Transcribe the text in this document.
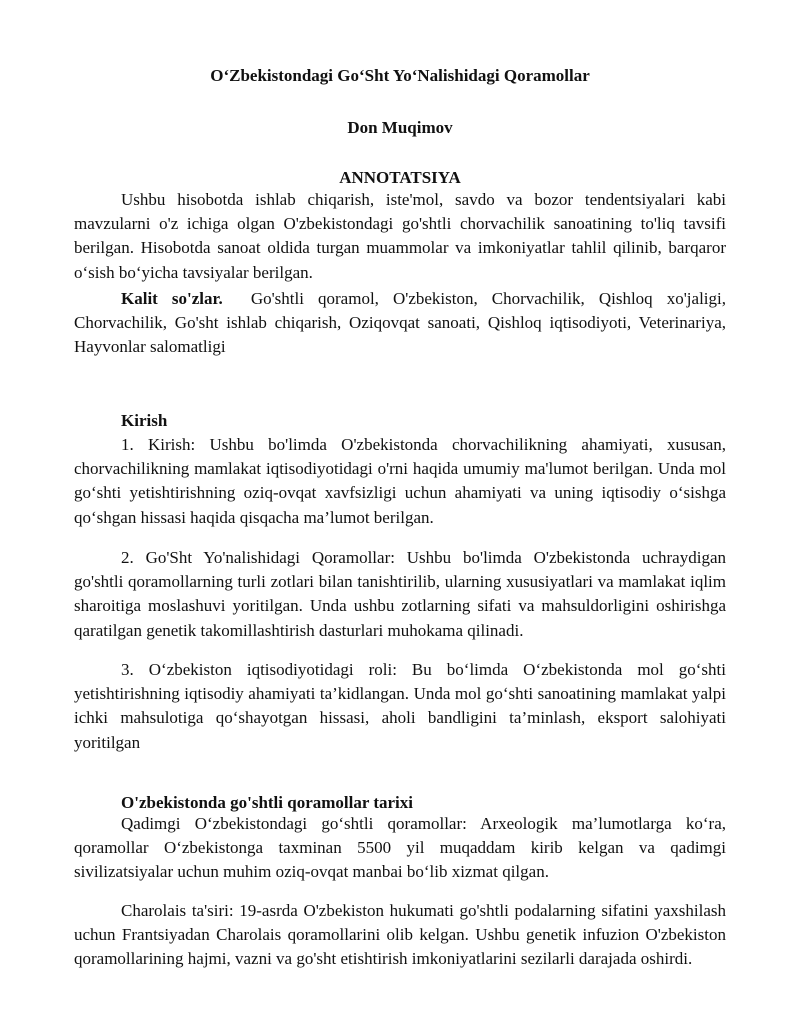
O‘Zbekistondagi Go‘Sht Yo‘Nalishidagi Qoramollar
Don Muqimov
ANNOTATSIYA

Ushbu hisobotda ishlab chiqarish, iste'mol, savdo va bozor tendentsiyalari kabi mavzularni o'z ichiga olgan O'zbekistondagi go'shtli chorvachilik sanoatining to'liq tavsifi berilgan. Hisobotda sanoat oldida turgan muammolar va imkoniyatlar tahlil qilinib, barqaror o‘sish bo‘yicha tavsiyalar berilgan.

Kalit so'zlar. Go'shtli qoramol, O'zbekiston, Chorvachilik, Qishloq xo'jaligi, Chorvachilik, Go'sht ishlab chiqarish, Oziqovqat sanoati, Qishloq iqtisodiyoti, Veterinariya, Hayvonlar salomatligi

Kirish

1. Kirish: Ushbu bo'limda O'zbekistonda chorvachilikning ahamiyati, xususan, chorvachilikning mamlakat iqtisodiyotidagi o'rni haqida umumiy ma'lumot berilgan. Unda mol go‘shti yetishtirishning oziq-ovqat xavfsizligi uchun ahamiyati va uning iqtisodiy o‘sishga qo‘shgan hissasi haqida qisqacha ma’lumot berilgan.

2. Go'Sht Yo'nalishidagi Qoramollar: Ushbu bo'limda O'zbekistonda uchraydigan go'shtli qoramollarning turli zotlari bilan tanishtirilib, ularning xususiyatlari va mamlakat iqlim sharoitiga moslashuvi yoritilgan. Unda ushbu zotlarning sifati va mahsuldorligini oshirishga qaratilgan genetik takomillashtirish dasturlari muhokama qilinadi.

3. O‘zbekiston iqtisodiyotidagi roli: Bu bo‘limda O‘zbekistonda mol go‘shti yetishtirishning iqtisodiy ahamiyati ta’kidlangan. Unda mol go‘shti sanoatining mamlakat yalpi ichki mahsulotiga qo‘shayotgan hissasi, aholi bandligini ta’minlash, eksport salohiyati yoritilgan

O'zbekistonda go'shtli qoramollar tarixi

Qadimgi O‘zbekistondagi go‘shtli qoramollar: Arxeologik ma’lumotlarga ko‘ra, qoramollar O‘zbekistonga taxminan 5500 yil muqaddam kirib kelgan va qadimgi sivilizatsiyalar uchun muhim oziq-ovqat manbai bo‘lib xizmat qilgan.

Charolais ta'siri: 19-asrda O'zbekiston hukumati go'shtli podalarning sifatini yaxshilash uchun Frantsiyadan Charolais qoramollarini olib kelgan. Ushbu genetik infuzion O'zbekiston qoramollarining hajmi, vazni va go'sht etishtirish imkoniyatlarini sezilarli darajada oshirdi.
